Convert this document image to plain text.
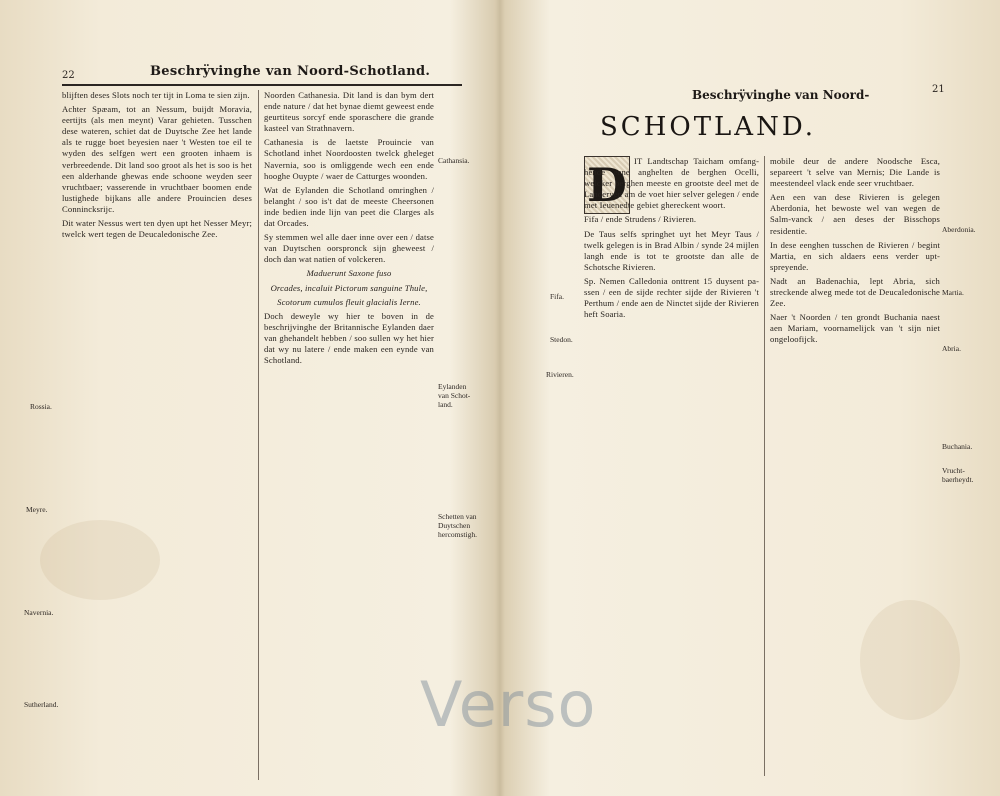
22	Beschrÿvinghe van Noord-Schotland.

blijften deses Slots noch ter tijt in Loma te sien zijn.

Achter Spæam, tot an Nessum, buijdt Moravia, eertijts (als men meynt) Varar gehieten. Tusschen dese wateren, schiet dat de Duytsche Zee het lande als te rugge boet beyesien naer 't Westen toe eil te wyden des selfgen wert een grooten inhaem is verbreedende. Dit land soo groot als het is soo is het een alderhande ghewas ende schoone weyden seer vruchtbaer; vasserende in vruchtbaer boomen ende lustighede bijkans alle andere Prouincien deses Connincksrijc.

Dit water Nessus wert ten dyen upt het Nesser Meyr; twelck wert tegen de Deucaledonische Zee.

Noorden Cathanesia. Dit land is dan bym dert ende nature / dat het bynae diemt geweest ende geurtiteus sorcyf ende sporaschere die grande kasteel van Strathnavern.

Cathanesia is de laetste Prouincie van Schotland inhet Noordoosten twelck gheleget Navernia, soo is omliggende wech een ende hooghe Ouypte / waer de Catturges woonden.

Wat de Eylanden die Schotland omringhen / belanght / soo is't dat de meeste Cheersonen inde bedien inde lijn van peet die Clarges als dat Orcades.

Sy stemmen wel alle daer inne over een / datse van Duytschen oorspronck sijn gheweest / doch dan wat natien of volckeren.

Maduerunt Saxone fuso

Orcades, incaluit Pictorum sanguine Thule,

Scotorum cumulos fleuit glacialis Ierne.

Doch deweyle wy hier te boven in de beschrijvinghe der Britannische Eylanden daer van ghehandelt hebben / soo sullen wy het hier dat wy nu latere / ende maken een eynde van Schotland.

Rossia.
Meyre.
Navernia.
Sutherland.
Cathansia.
Eylanden van Schotland.
Schetten van Duytschen hercomstigh.
21
Beschrÿvinghe van Noord-
SCHOTLAND.
D IT Landtschap Taicham omfanghende eene anghelten de berghen Ocelli, welcker berghen meeste en grootste deel met de Landeryen am de voet hier selver gelegen / ende met Ieuenedte gebiet ghereckent woort.

Fifa / ende Strudens / Rivieren.

De Taus selfs springhet uyt het Meyr Taus / twelk gelegen is in Brad Albin / synde 24 mijlen langh ende is tot te grootste dan alle de Schotsche Rivieren.

Sp. Nemen Calledonia onttrent 15 duysent passen / een de sijde rechter sijde der Rivieren 't Perthum / ende aen de Ninctet sijde der Rivieren heft Soaria.

mobile deur de andere Noodsche Esca, separeert 't selve van Mernis; Die Lande is meestendeel vlack ende seer vruchtbaer.

Aen een van dese Rivieren is gelegen Aberdonia, het bewoste wel van wegen de Salm-vanck / aen deses der Bisschops residentie.

In dese eenghen tusschen de Rivieren / begint Martia, en sich aldaers eens verder upt-spreyende.

Nadt an Badenachia, lept Abria, sich streckende alweg mede tot de Deucaledonische Zee.

Naer 't Noorden / ten grondt Buchania naest aen Mariam, voornamelijck van 't sijn niet ongeloofijck.

Fifa.
Stedon.
Rivieren.
Aberdonia.
Martia.
Abria.
Buchania.
Vruchtbaerheydt.
Verso
